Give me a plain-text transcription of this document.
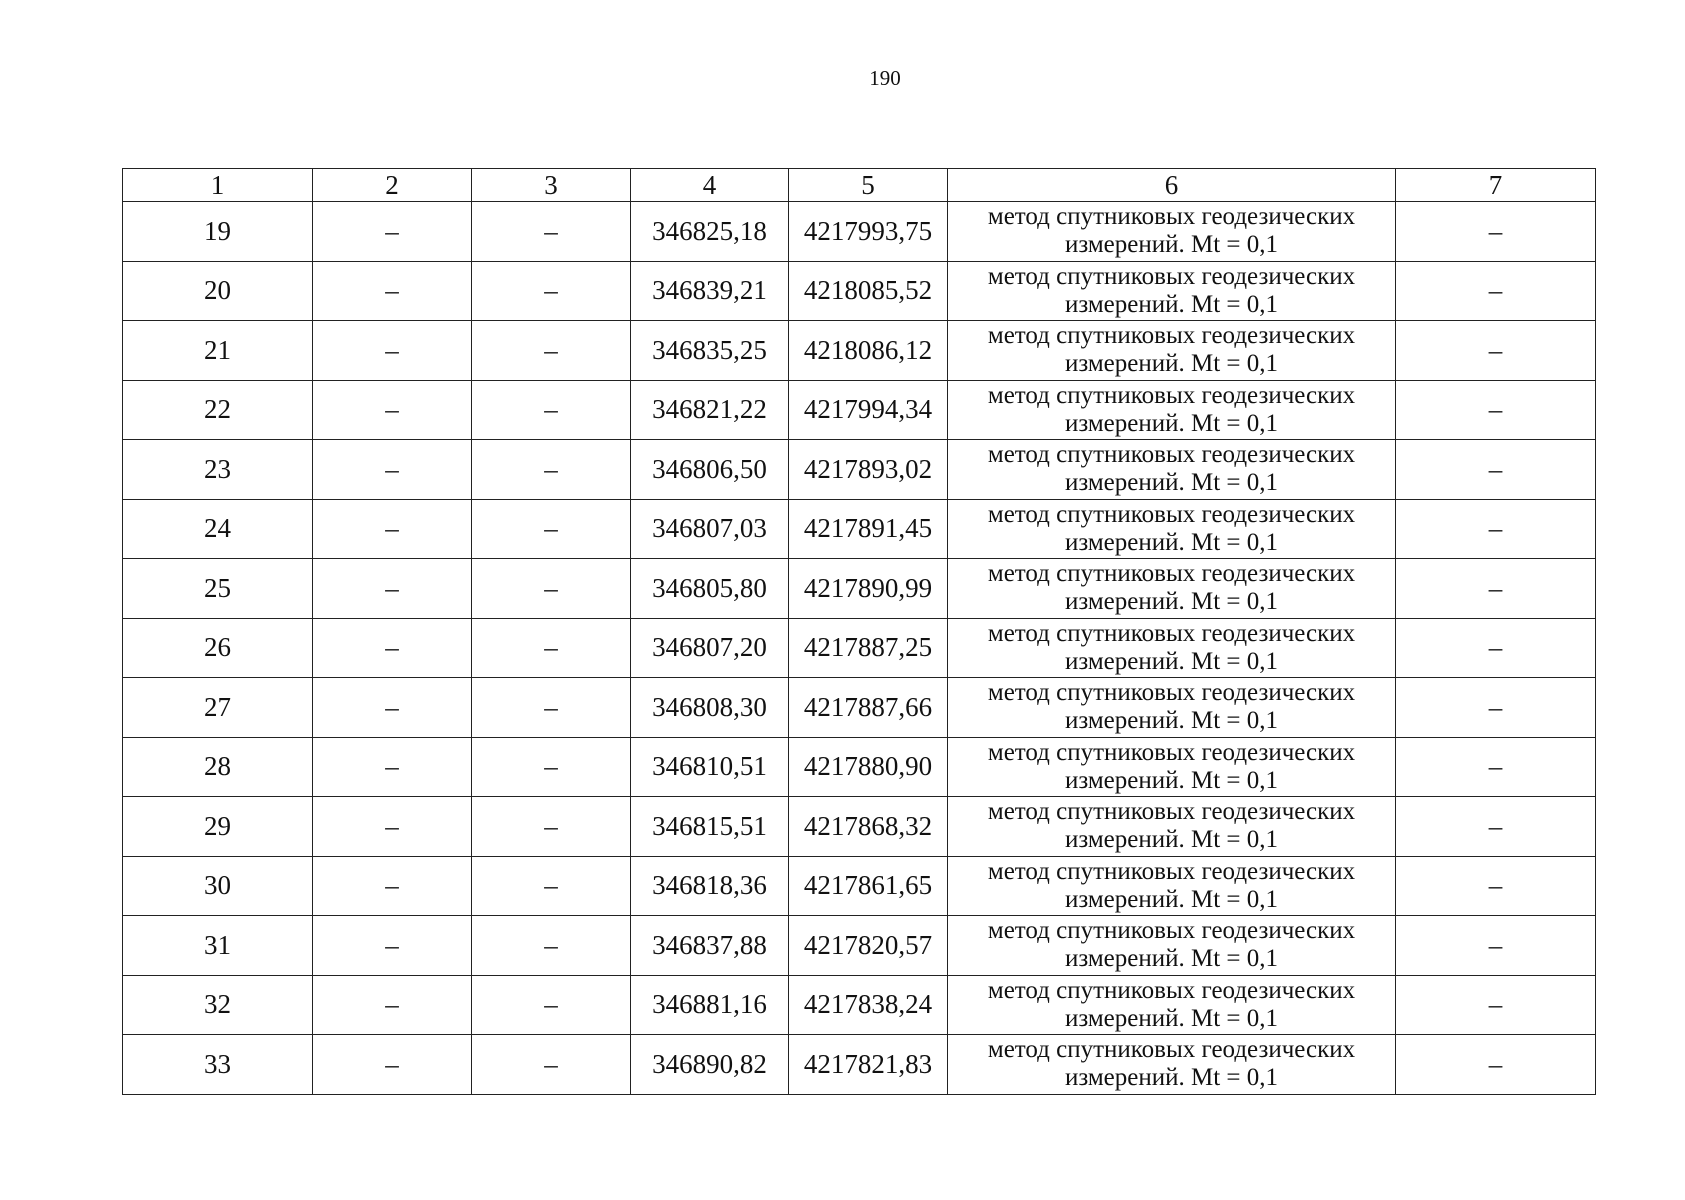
190
1	2	3	4	5	6	7
19	–	–	346825,18	4217993,75	метод спутниковых геодезических
измерений. Mt = 0,1	–
20	–	–	346839,21	4218085,52	метод спутниковых геодезических
измерений. Mt = 0,1	–
21	–	–	346835,25	4218086,12	метод спутниковых геодезических
измерений. Mt = 0,1	–
22	–	–	346821,22	4217994,34	метод спутниковых геодезических
измерений. Mt = 0,1	–
23	–	–	346806,50	4217893,02	метод спутниковых геодезических
измерений. Mt = 0,1	–
24	–	–	346807,03	4217891,45	метод спутниковых геодезических
измерений. Mt = 0,1	–
25	–	–	346805,80	4217890,99	метод спутниковых геодезических
измерений. Mt = 0,1	–
26	–	–	346807,20	4217887,25	метод спутниковых геодезических
измерений. Mt = 0,1	–
27	–	–	346808,30	4217887,66	метод спутниковых геодезических
измерений. Mt = 0,1	–
28	–	–	346810,51	4217880,90	метод спутниковых геодезических
измерений. Mt = 0,1	–
29	–	–	346815,51	4217868,32	метод спутниковых геодезических
измерений. Mt = 0,1	–
30	–	–	346818,36	4217861,65	метод спутниковых геодезических
измерений. Mt = 0,1	–
31	–	–	346837,88	4217820,57	метод спутниковых геодезических
измерений. Mt = 0,1	–
32	–	–	346881,16	4217838,24	метод спутниковых геодезических
измерений. Mt = 0,1	–
33	–	–	346890,82	4217821,83	метод спутниковых геодезических
измерений. Mt = 0,1	–
